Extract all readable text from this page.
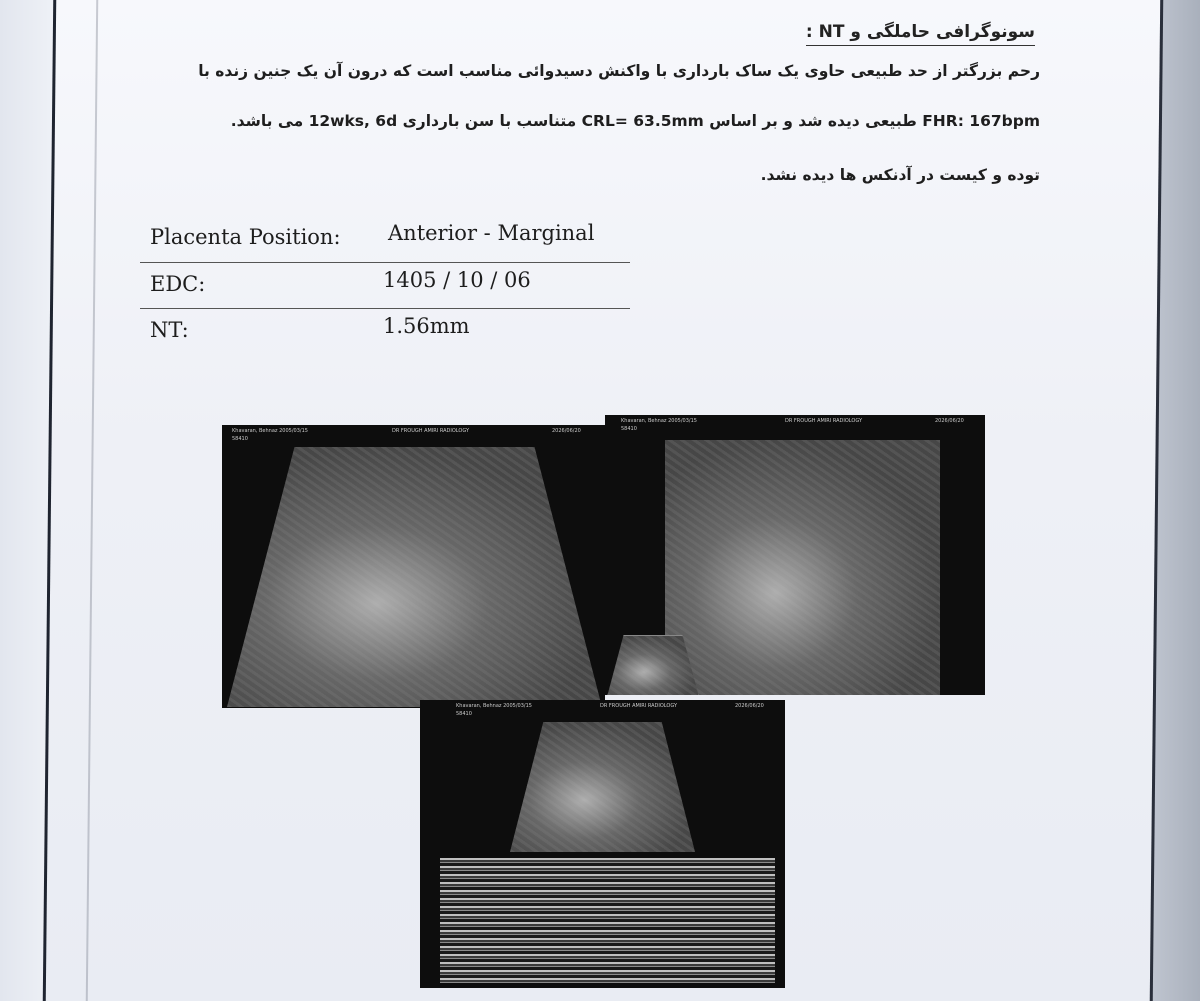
سونوگرافی حاملگی و NT :
رحم بزرگتر از حد طبیعی حاوی یک ساک بارداری با واکنش دسیدوائی مناسب است که درون آن یک جنین زنده با
FHR: 167bpm طبیعی دیده شد و بر اساس CRL= 63.5mm متناسب با سن بارداری 12wks, 6d می باشد.
توده و کیست در آدنکس ها دیده نشد.
Placenta Position: Anterior - Marginal
EDC:	1405 / 10 / 06
NT:	1.56mm
Khavaran, Behnaz 2005/03/15	DR FROUGH AMIRI RADIOLOGY	2026/06/20
58410
Khavaran, Behnaz 2005/03/15	DR FROUGH AMIRI RADIOLOGY	2026/06/20
58410
Khavaran, Behnaz 2005/03/15	DR FROUGH AMIRI RADIOLOGY	2026/06/20
58410
